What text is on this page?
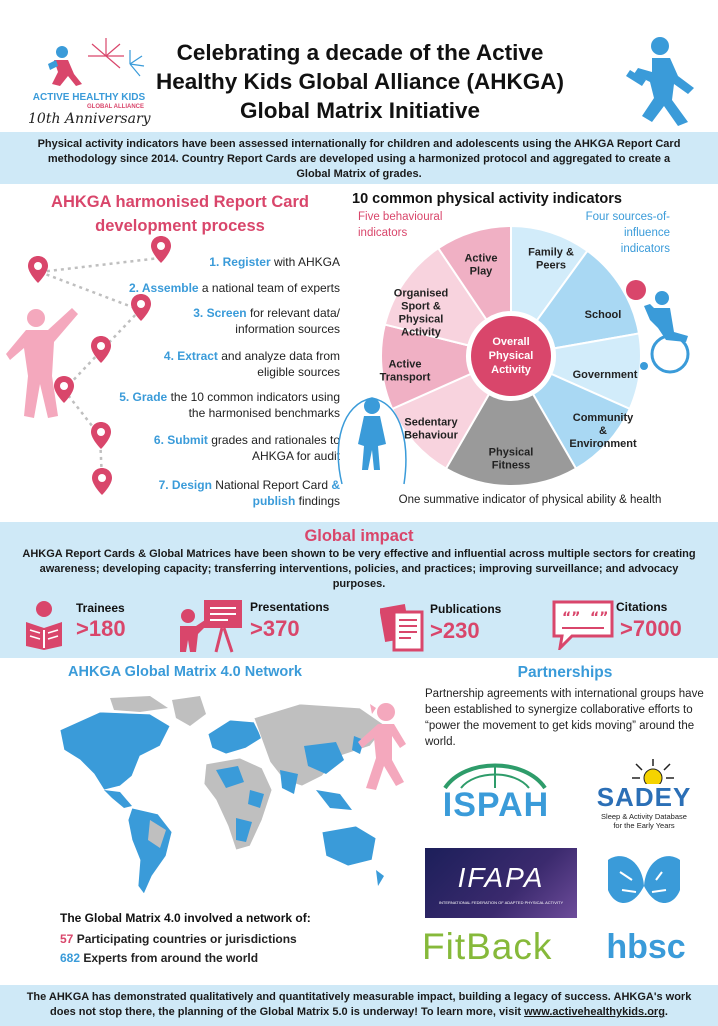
ACTIVE HEALTHY KIDS
GLOBAL ALLIANCE
10th Anniversary
Celebrating a decade of the Active
Healthy Kids Global Alliance (AHKGA)
Global Matrix Initiative
Physical activity indicators have been assessed internationally for children and adolescents using the AHKGA Report Card methodology since 2014. Country Report Cards are developed using a harmonized protocol and aggregated to create a Global Matrix of grades.
AHKGA harmonised Report Card
development process
1. Register with AHKGA
2. Assemble a national team of experts
3. Screen for relevant data/
information sources
4. Extract and analyze data from
eligible sources
5. Grade the 10 common indicators using
the harmonised benchmarks
6. Submit grades and rationales to
AHKGA for audit
7. Design National Report Card &
publish findings
10 common physical activity indicators
Five behavioural
indicators
Four sources-of-
influence
indicators
Overall
Physical
Activity
Family & Peers
School
Government
Community & Environment
Physical Fitness
Sedentary Behaviour
Active Transport
Organised Sport & Physical Activity
Active Play
One summative indicator of physical ability & health
Global impact
AHKGA Report Cards & Global Matrices have been shown to be very effective and influential across multiple sectors for creating awareness; developing capacity; transferring interventions, policies, and practices; improving surveillance; and advocacy purposes.
Trainees
>180
Presentations
>370
Publications
>230	“” “”
Citations
>7000
AHKGA Global Matrix 4.0 Network
The Global Matrix 4.0 involved a network of:
57 Participating countries or jurisdictions
682 Experts from around the world
Partnerships
Partnership agreements with international groups have been established to synergize collaborative efforts to “power the movement to get kids moving” around the world.
ISPAH	SADEY
Sleep & Activity Database
for the Early Years
IFAPA
INTERNATIONAL FEDERATION OF ADAPTED PHYSICAL ACTIVITY
FitBack	hbsc
The AHKGA has demonstrated qualitatively and quantitatively measurable impact, building a legacy of success. AHKGA's work does not stop there, the planning of the Global Matrix 5.0 is underway! To learn more, visit www.activehealthykids.org.
